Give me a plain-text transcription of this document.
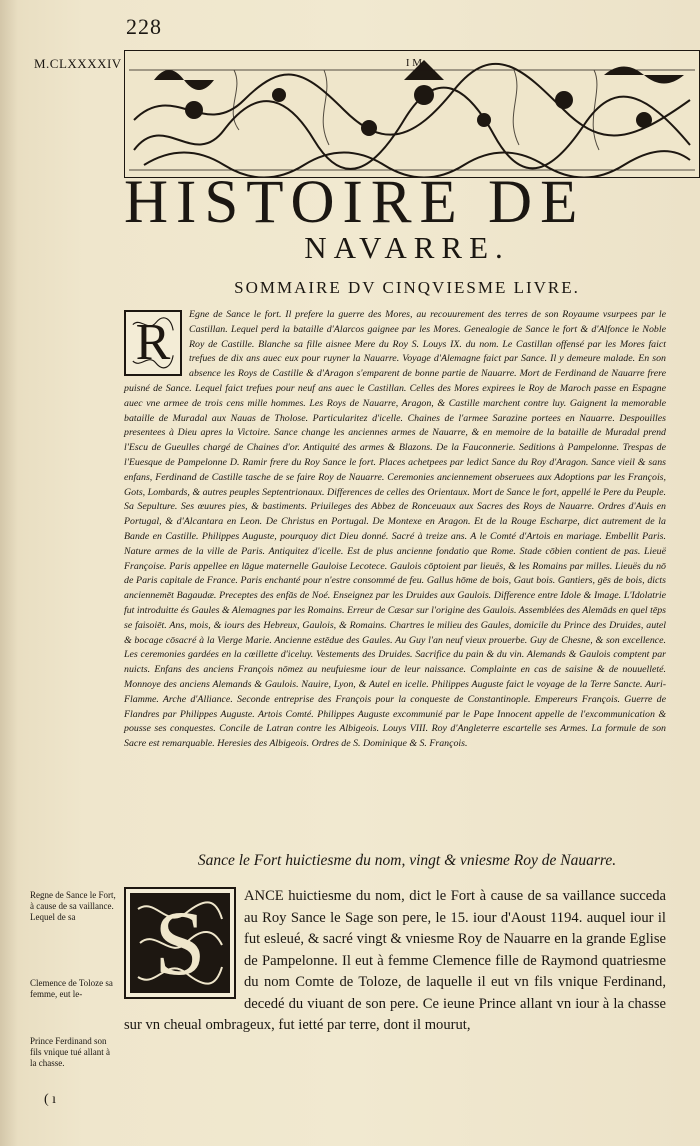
228
M.CLXXXXIV	I M
HISTOIRE DE
NAVARRE.
SOMMAIRE DV CINQVIESME LIVRE.

R	Egne de Sance le fort. Il prefere la guerre des Mores, au recouurement des terres de son Royaume vsurpees par le Castillan. Lequel perd la bataille d'Alarcos gaignee par les Mores. Genealogie de Sance le fort & d'Alfonce le Noble Roy de Castille. Blanche sa fille aisnee Mere du Roy S. Louys IX. du nom. Le Castillan offensé par les Mores faict trefues de dix ans auec eux pour ruyner la Nauarre. Voyage d'Alemagne faict par Sance. Il y demeure malade. En son absence les Roys de Castille & d'Aragon s'emparent de bonne partie de Nauarre. Mort de Ferdinand de Nauarre frere puisné de Sance. Lequel faict trefues pour neuf ans auec le Castillan. Celles des Mores expirees le Roy de Maroch passe en Espagne auec vne armee de trois cens mille hommes. Les Roys de Nauarre, Aragon, & Castille marchent contre luy. Gaignent la memorable bataille de Muradal aux Nauas de Tholose. Particularitez d'icelle. Chaines de l'armee Sarazine portees en Nauarre. Despouilles presentees à Dieu apres la Victoire. Sance change les anciennes armes de Nauarre, & en memoire de la bataille de Muradal prend l'Escu de Gueulles chargé de Chaines d'or. Antiquité des armes & Blazons. De la Fauconnerie. Seditions à Pampelonne. Trespas de l'Euesque de Pampelonne D. Ramir frere du Roy Sance le fort. Places achetpees par ledict Sance du Roy d'Aragon. Sance vieil & sans enfans, Ferdinand de Castille tasche de se faire Roy de Nauarre. Ceremonies anciennement obseruees aux Adoptions par les François, Gots, Lombards, & autres peuples Septentrionaux. Differences de celles des Orientaux. Mort de Sance le fort, appellé le Pere du Peuple. Sa Sepulture. Ses œuures pies, & bastiments. Priuileges des Abbez de Ronceuaux aux Sacres des Roys de Nauarre. Ordres d'Auis en Portugal, & d'Alcantara en Leon. De Christus en Portugal. De Montexe en Aragon. Et de la Rouge Escharpe, dict autrement de la Bande en Castille. Philippes Auguste, pourquoy dict Dieu donné. Sacré à treize ans. A le Comté d'Artois en mariage. Embellit Paris. Nature armes de la ville de Paris. Antiquitez d'icelle. Est de plus ancienne fondatio que Rome. Stade cōbien contient de pas. Lieuë Françoise. Paris appellee en lāgue maternelle Gauloise Lecotece. Gaulois cōptoient par lieuës, & les Romains par milles. Lieuës du nō de Paris capitale de France. Paris enchanté pour n'estre consommé de feu. Gallus hōme de bois, Gaut bois. Gantiers, gēs de bois, dicts anciennemēt Bagaudæ. Preceptes des enfās de Noé. Enseignez par les Druides aux Gaulois. Difference entre Idole & Image. L'Idolatrie fut introduitte és Gaules & Alemagnes par les Romains. Erreur de Cæsar sur l'origine des Gaulois. Assemblées des Alemāds en quel tēps se faisoiēt. Ans, mois, & iours des Hebreux, Gaulois, & Romains. Chartres le milieu des Gaules, domicile du Prince des Druides, autel & bocage cōsacré à la Vierge Marie. Ancienne estēdue des Gaules. Au Guy l'an neuf vieux prouerbe. Guy de Chesne, & son excellence. Les ceremonies gardées en la cœillette d'iceluy. Vestements des Druides. Sacrifice du pain & du vin. Alemands & Gaulois comptent par nuicts. Enfans des anciens François nōmez au neufuiesme iour de leur naissance. Complainte en cas de saisine & de nouuelleté. Monnoye des anciens Alemands & Gaulois. Nauire, Lyon, & Autel en icelle. Philippes Auguste faict le voyage de la Terre Sancte. Auri-Flamme. Arche d'Alliance. Seconde entreprise des François pour la conqueste de Constantinople. Empereurs François. Guerre de Flandres par Philippes Auguste. Artois Comté. Philippes Auguste excommunié par le Pape Innocent appelle de l'excommunication & pousse ses conquestes. Concile de Latran contre les Albigeois. Louys VIII. Roy d'Angleterre escartelle ses Armes. La formule de son Sacre est remarquable. Heresies des Albigeois. Ordres de S. Dominique & S. François.

Sance le Fort huictiesme du nom, vingt & vniesme Roy de Nauarre.

Regne de Sance le Fort, à cause de sa vaillance. Lequel de sa

Clemence de Toloze sa femme, eut le-

Prince Ferdinand son fils vnique tué allant à la chasse.

S	ANCE huictiesme du nom, dict le Fort à cause de sa vaillance succeda au Roy Sance le Sage son pere, le 15. iour d'Aoust 1194. auquel iour il fut esleué, & sacré vingt & vniesme Roy de Nauarre en la grande Eglise de Pampelonne. Il eut à femme Clemence fille de Raymond quatriesme du nom Comte de Toloze, de laquelle il eut vn fils vnique Ferdinand, decedé du viuant de son pere. Ce ieune Prince allant vn iour à la chasse sur vn cheual ombrageux, fut ietté par terre, dont il mourut,

( ı
